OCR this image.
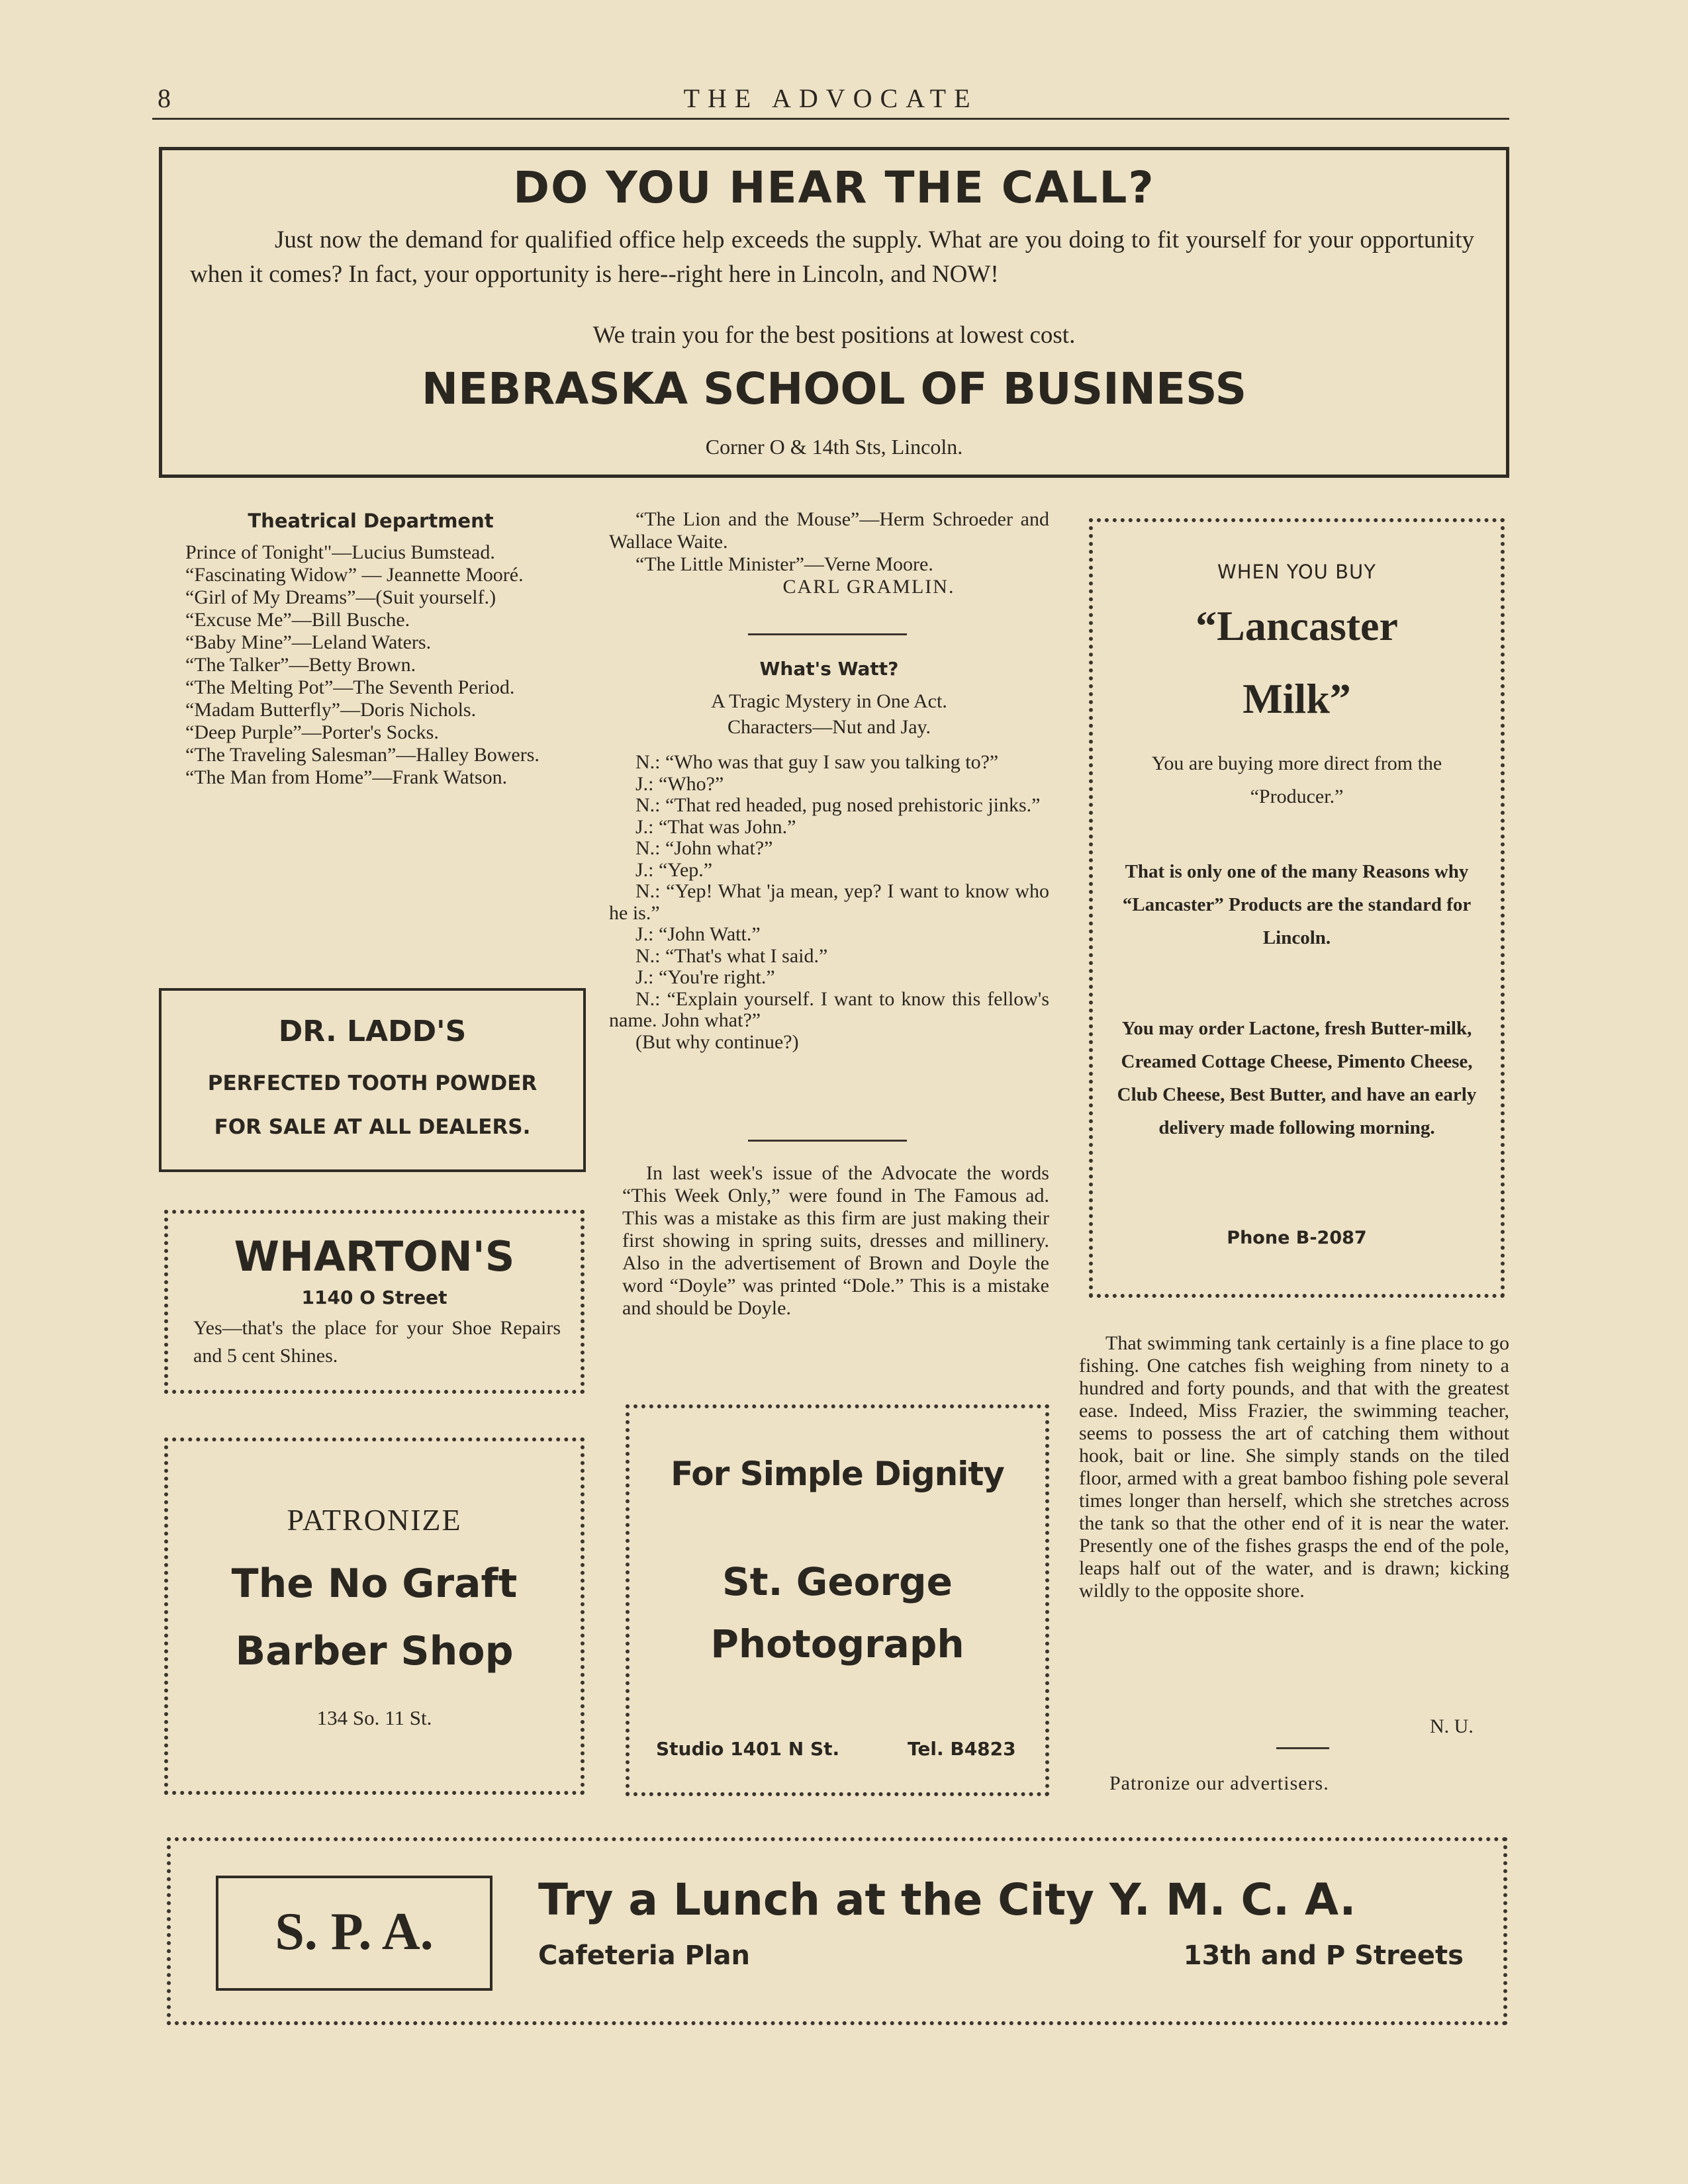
8	THE ADVOCATE
DO YOU HEAR THE CALL?

Just now the demand for qualified office help exceeds the supply. What are you doing to fit yourself for your opportunity when it comes? In fact, your opportunity is here--right here in Lincoln, and NOW!

We train you for the best positions at lowest cost.
NEBRASKA SCHOOL OF BUSINESS
Corner O & 14th Sts, Lincoln.
Theatrical Department

Prince of Tonight"—Lucius Bumstead.

“Fascinating Widow” — Jeannette Mooré.

“Girl of My Dreams”—(Suit yourself.)

“Excuse Me”—Bill Busche.

“Baby Mine”—Leland Waters.

“The Talker”—Betty Brown.

“The Melting Pot”—The Seventh Period.

“Madam Butterfly”—Doris Nichols.

“Deep Purple”—Porter's Socks.

“The Traveling Salesman”—Halley Bowers.

“The Man from Home”—Frank Watson.

DR. LADD'S
PERFECTED TOOTH POWDER
FOR SALE AT ALL DEALERS.
WHARTON'S
1140 O Street

Yes—that's the place for your Shoe Repairs and 5 cent Shines.

PATRONIZE
The No Graft
Barber Shop
134 So. 11 St.

“The Lion and the Mouse”—Herm Schroeder and Wallace Waite.

“The Little Minister”—Verne Moore.

CARL GRAMLIN.

What's Watt?
A Tragic Mystery in One Act.
Characters—Nut and Jay.

N.: “Who was that guy I saw you talking to?”

J.: “Who?”

N.: “That red headed, pug nosed prehistoric jinks.”

J.: “That was John.”

N.: “John what?”

J.: “Yep.”

N.: “Yep! What 'ja mean, yep? I want to know who he is.”

J.: “John Watt.”

N.: “That's what I said.”

J.: “You're right.”

N.: “Explain yourself. I want to know this fellow's name. John what?”

(But why continue?)

In last week's issue of the Advocate the words “This Week Only,” were found in The Famous ad. This was a mistake as this firm are just making their first showing in spring suits, dresses and millinery. Also in the advertisement of Brown and Doyle the word “Doyle” was printed “Dole.” This is a mistake and should be Doyle.

For Simple Dignity
St. George
Photograph
Studio 1401 N St.	Tel. B4823
WHEN YOU BUY
“Lancaster
Milk”

You are buying more direct from the “Producer.”

That is only one of the many Reasons why “Lancaster” Products are the standard for Lincoln.

You may order Lactone, fresh Butter-milk, Creamed Cottage Cheese, Pimento Cheese, Club Cheese, Best Butter, and have an early delivery made following morning.

Phone B-2087

That swimming tank certainly is a fine place to go fishing. One catches fish weighing from ninety to a hundred and forty pounds, and that with the greatest ease. Indeed, Miss Frazier, the swimming teacher, seems to possess the art of catching them without hook, bait or line. She simply stands on the tiled floor, armed with a great bamboo fishing pole several times longer than herself, which she stretches across the tank so that the other end of it is near the water. Presently one of the fishes grasps the end of the pole, leaps half out of the water, and is drawn; kicking wildly to the opposite shore.

N. U.
Patronize our advertisers.
S. P. A.
Try a Lunch at the City Y. M. C. A.
Cafeteria Plan	13th and P Streets
